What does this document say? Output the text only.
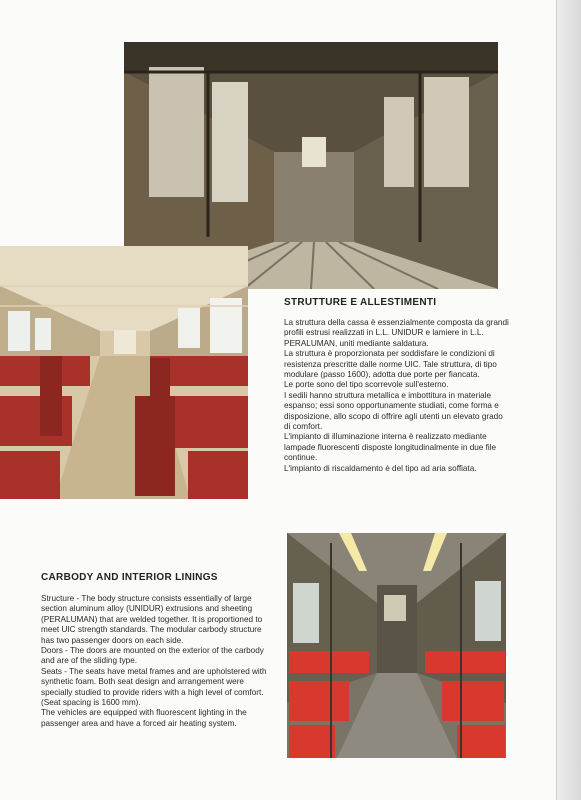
STRUTTURE E ALLESTIMENTI

La struttura della cassa è essenzialmente composta da grandi profili estrusi realizzati in L.L. UNIDUR e lamiere in L.L. PERALUMAN, uniti mediante saldatura.

La struttura è proporzionata per soddisfare le condizioni di resistenza prescritte dalle norme UIC. Tale struttura, di tipo modulare (passo 1600), adotta due porte per fiancata.

Le porte sono del tipo scorrevole sull'esterno.

I sedili hanno struttura metallica e imbottitura in materiale espanso; essi sono opportunamente studiati, come forma e disposizione, allo scopo di offrire agli utenti un elevato grado di comfort.

L'impianto di illuminazione interna è realizzato mediante lampade fluorescenti disposte longitudinalmente in due file continue.

L'impianto di riscaldamento è del tipo ad aria soffiata.

CARBODY AND INTERIOR LININGS

Structure - The body structure consists essentially of large section aluminum alloy (UNIDUR) extrusions and sheeting (PERALUMAN) that are welded together. It is proportioned to meet UIC strength standards. The modular carbody structure has two passenger doors on each side.

Doors - The doors are mounted on the exterior of the carbody and are of the sliding type.

Seats - The seats have metal frames and are upholstered with synthetic foam. Both seat design and arrangement were specially studied to provide riders with a high level of comfort. (Seat spacing is 1600 mm).

The vehicles are equipped with fluorescent lighting in the passenger area and have a forced air heating system.
